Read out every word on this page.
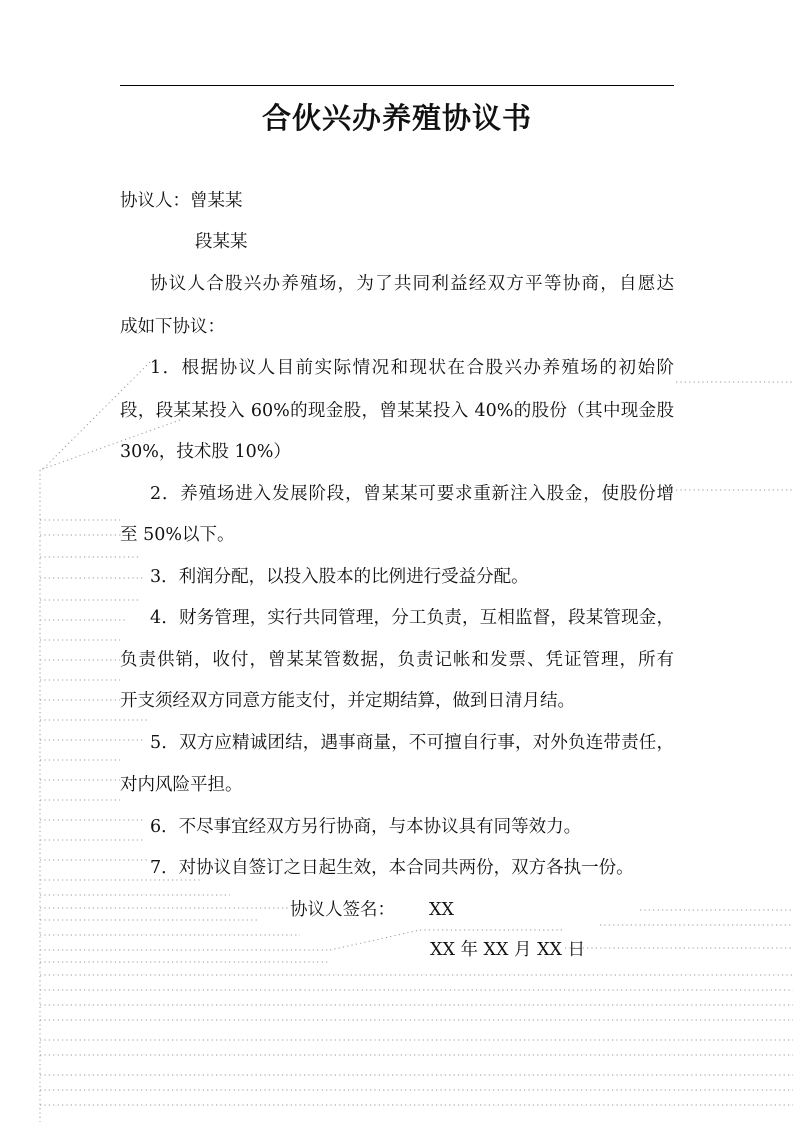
合伙兴办养殖协议书

协议人：曾某某

段某某

协议人合股兴办养殖场，为了共同利益经双方平等协商，自愿达

成如下协议：

1．根据协议人目前实际情况和现状在合股兴办养殖场的初始阶

段，段某某投入 60%的现金股，曾某某投入 40%的股份（其中现金股

30%，技术股 10%）

2．养殖场进入发展阶段，曾某某可要求重新注入股金，使股份增

至 50%以下。

3．利润分配，以投入股本的比例进行受益分配。

4．财务管理，实行共同管理，分工负责，互相监督，段某管现金，

负责供销，收付，曾某某管数据，负责记帐和发票、凭证管理，所有

开支须经双方同意方能支付，并定期结算，做到日清月结。

5．双方应精诚团结，遇事商量，不可擅自行事，对外负连带责任，

对内风险平担。

6．不尽事宜经双方另行协商，与本协议具有同等效力。

7．对协议自签订之日起生效，本合同共两份，双方各执一份。

协议人签名： XX

XX 年 XX 月 XX 日
